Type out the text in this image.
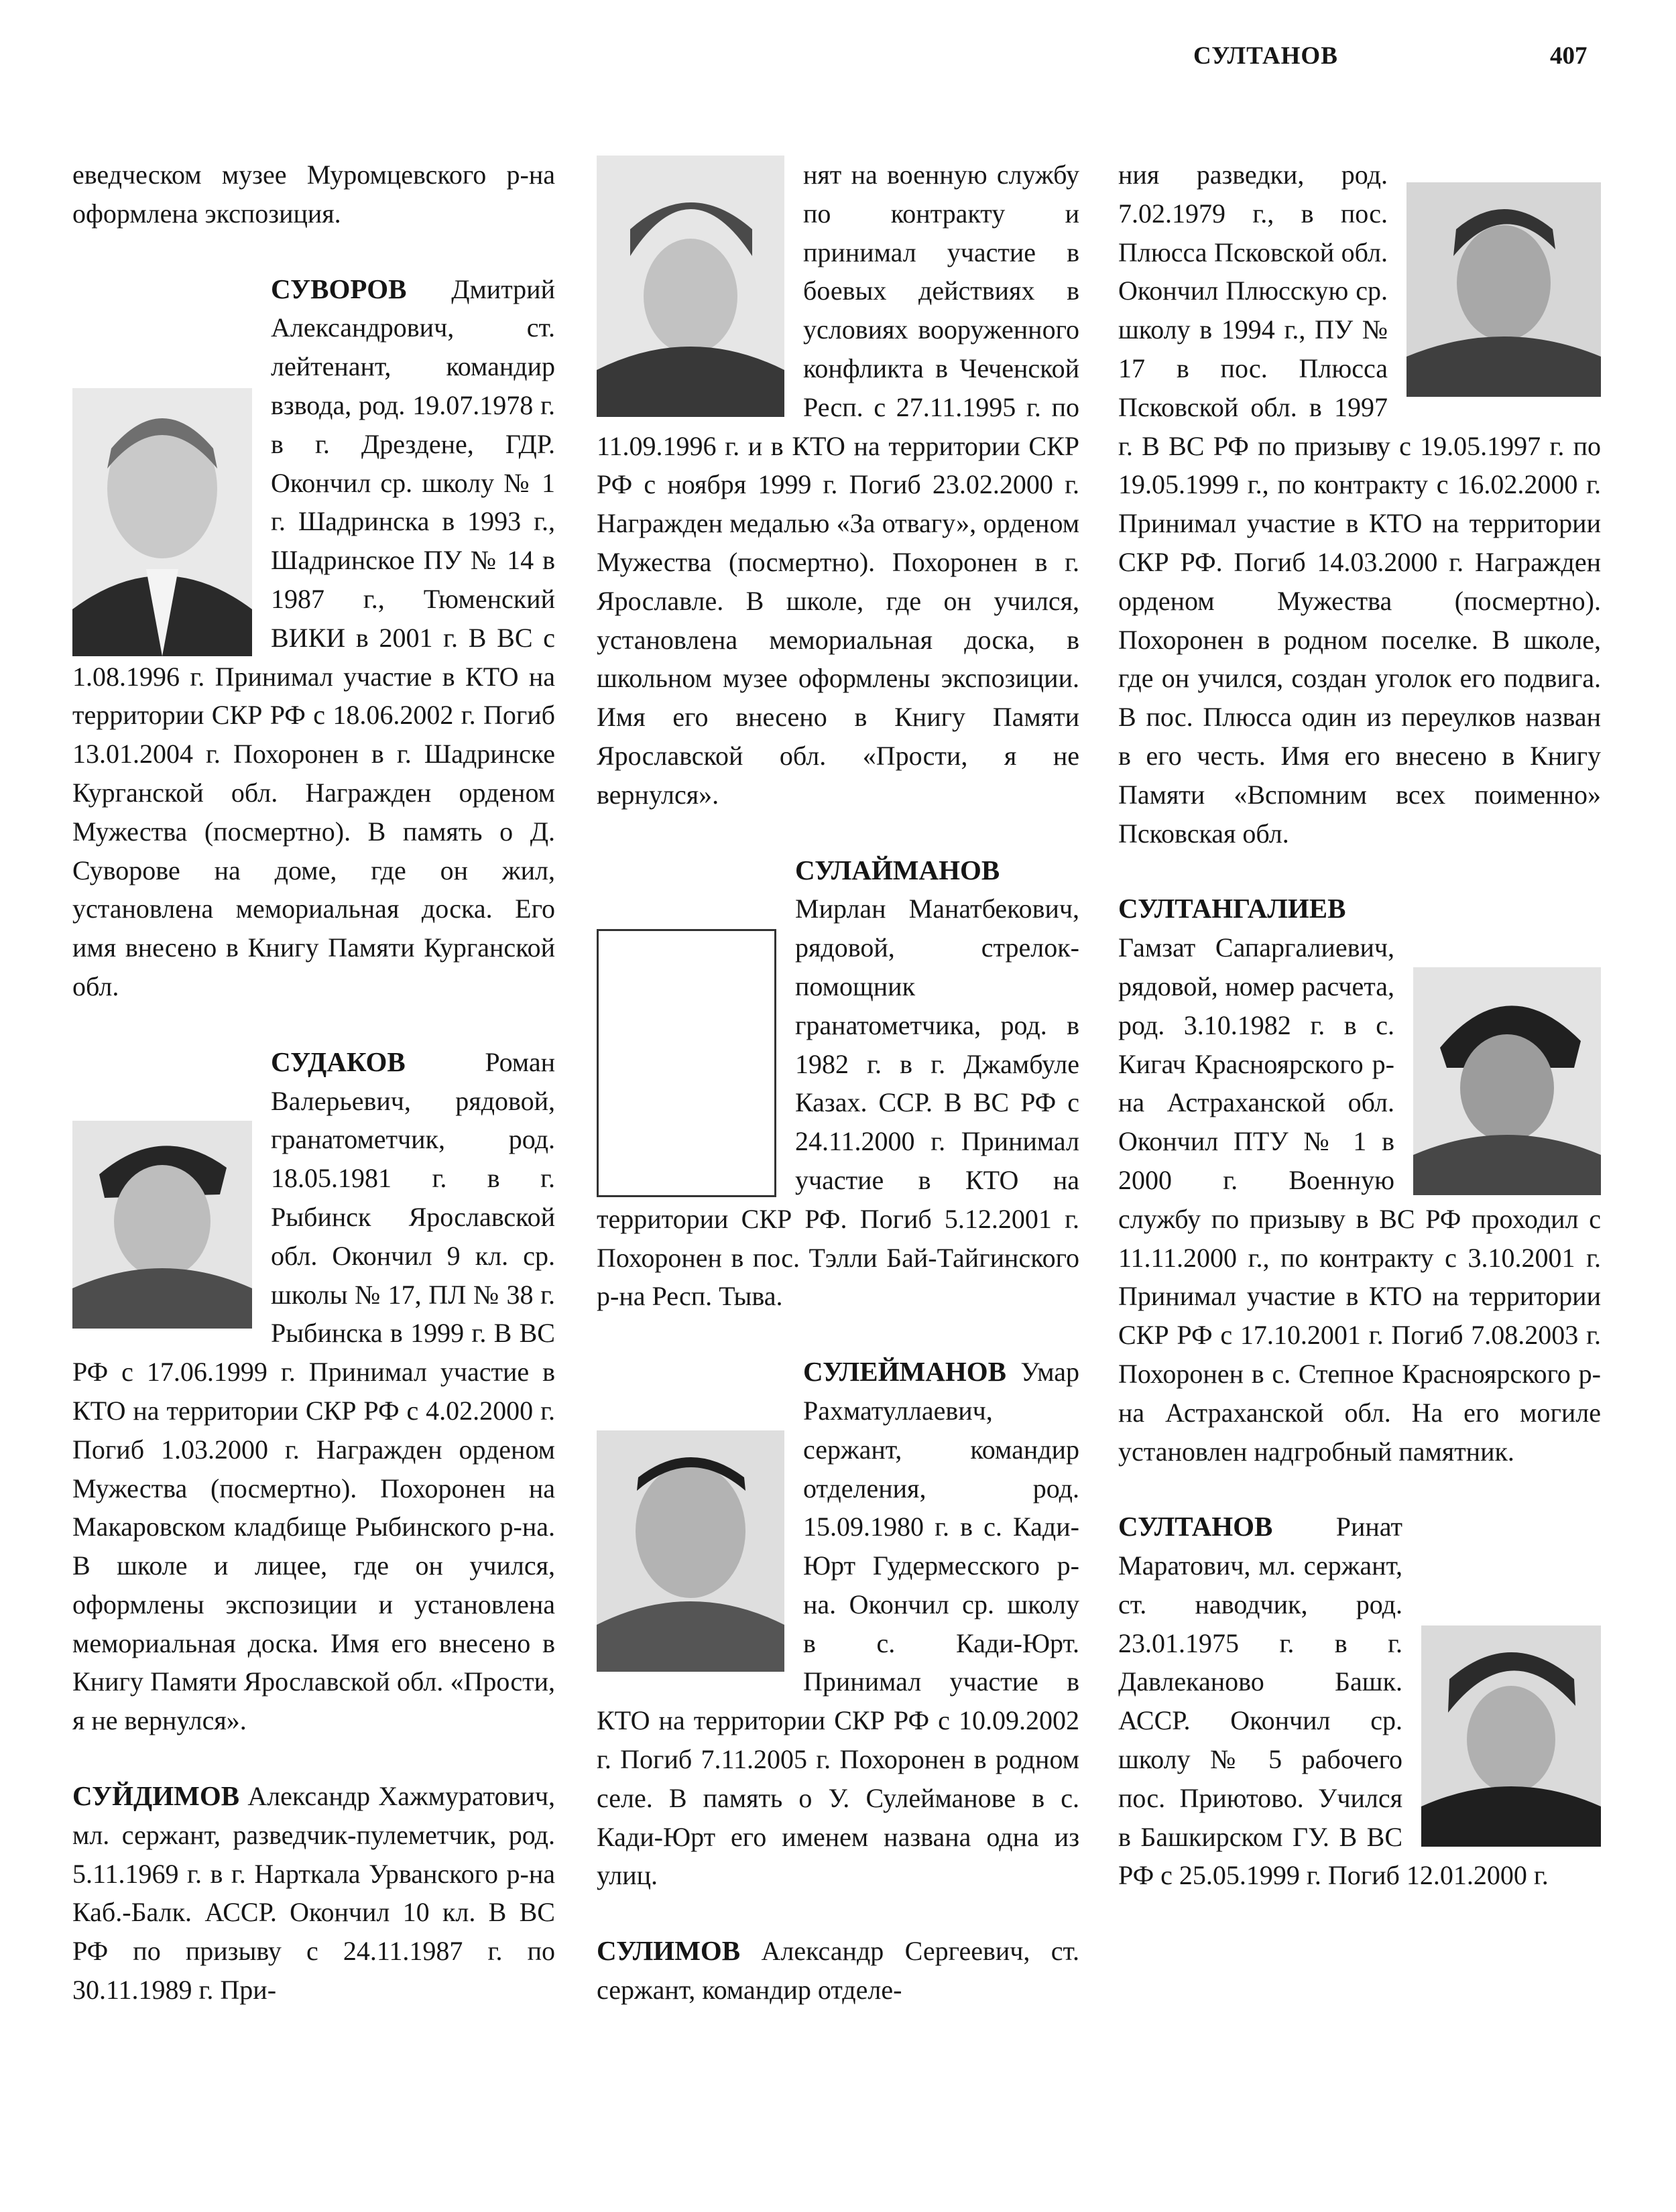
СУЛТАНОВ	407

еведческом музее Муромцевского р-на оформлена экспозиция.

СУВОРОВ Дмитрий Александрович, ст. лейтенант, командир взвода, род. 19.07.1978 г. в г. Дрездене, ГДР. Окончил ср. школу № 1 г. Шадринска в 1993 г., Шадринское ПУ № 14 в 1987 г., Тюменский ВИКИ в 2001 г. В ВС с 1.08.1996 г. Принимал участие в КТО на территории СКР РФ с 18.06.2002 г. Погиб 13.01.2004 г. Похоронен в г. Шадринске Курганской обл. Награжден орденом Мужества (посмертно). В память о Д. Суворове на доме, где он жил, установлена мемориальная доска. Его имя внесено в Книгу Памяти Курганской обл.

СУДАКОВ Роман Валерьевич, рядовой, гранатометчик, род. 18.05.1981 г. в г. Рыбинск Ярославской обл. Окончил 9 кл. ср. школы № 17, ПЛ № 38 г. Рыбинска в 1999 г. В ВС РФ с 17.06.1999 г. Принимал участие в КТО на территории СКР РФ с 4.02.2000 г. Погиб 1.03.2000 г. Награжден орденом Мужества (посмертно). Похоронен на Макаровском кладбище Рыбинского р-на. В школе и лицее, где он учился, оформлены экспозиции и установлена мемориальная доска. Имя его внесено в Книгу Памяти Ярославской обл. «Прости, я не вернулся».

СУЙДИМОВ Александр Хажмуратович, мл. сержант, разведчик-пулеметчик, род. 5.11.1969 г. в г. Нарткала Урванского р-на Каб.-Балк. АССР. Окончил 10 кл. В ВС РФ по призыву с 24.11.1987 г. по 30.11.1989 г. При-

нят на военную службу по контракту и принимал участие в боевых действиях в условиях вооруженного конфликта в Чеченской Респ. с 27.11.1995 г. по 11.09.1996 г. и в КТО на территории СКР РФ с ноября 1999 г. Погиб 23.02.2000 г. Награжден медалью «За отвагу», орденом Мужества (посмертно). Похоронен в г. Ярославле. В школе, где он учился, установлена мемориальная доска, в школьном музее оформлены экспозиции. Имя его внесено в Книгу Памяти Ярославской обл. «Прости, я не вернулся».

СУЛАЙМАНОВ Мирлан Манатбекович, рядовой, стрелок-помощник гранатометчика, род. в 1982 г. в г. Джамбуле Казах. ССР. В ВС РФ с 24.11.2000 г. Принимал участие в КТО на территории СКР РФ. Погиб 5.12.2001 г. Похоронен в пос. Тэлли Бай-Тайгинского р-на Респ. Тыва.

СУЛЕЙМАНОВ Умар Рахматуллаевич, сержант, командир отделения, род. 15.09.1980 г. в с. Кади-Юрт Гудермесского р-на. Окончил ср. школу в с. Кади-Юрт. Принимал участие в КТО на территории СКР РФ с 10.09.2002 г. Погиб 7.11.2005 г. Похоронен в родном селе. В память о У. Сулейманове в с. Кади-Юрт его именем названа одна из улиц.

СУЛИМОВ Александр Сергеевич, ст. сержант, командир отделе-

ния разведки, род. 7.02.1979 г., в пос. Плюсса Псковской обл. Окончил Плюсскую ср. школу в 1994 г., ПУ № 17 в пос. Плюсса Псковской обл. в 1997 г. В ВС РФ по призыву с 19.05.1997 г. по 19.05.1999 г., по контракту с 16.02.2000 г. Принимал участие в КТО на территории СКР РФ. Погиб 14.03.2000 г. Награжден орденом Мужества (посмертно). Похоронен в родном поселке. В школе, где он учился, создан уголок его подвига. В пос. Плюсса один из переулков назван в его честь. Имя его внесено в Книгу Памяти «Вспомним всех поименно» Псковская обл.

СУЛТАНГАЛИЕВ Гамзат Сапаргалиевич, рядовой, номер расчета, род. 3.10.1982 г. в с. Кигач Красноярского р-на Астраханской обл. Окончил ПТУ № 1 в 2000 г. Военную службу по призыву в ВС РФ проходил с 11.11.2000 г., по контракту с 3.10.2001 г. Принимал участие в КТО на территории СКР РФ с 17.10.2001 г. Погиб 7.08.2003 г. Похоронен в с. Степное Красноярского р-на Астраханской обл. На его могиле установлен надгробный памятник.

СУЛТАНОВ Ринат Маратович, мл. сержант, ст. наводчик, род. 23.01.1975 г. в г. Давлеканово Башк. АССР. Окончил ср. школу № 5 рабочего пос. Приютово. Учился в Башкирском ГУ. В ВС РФ с 25.05.1999 г. Погиб 12.01.2000 г.
